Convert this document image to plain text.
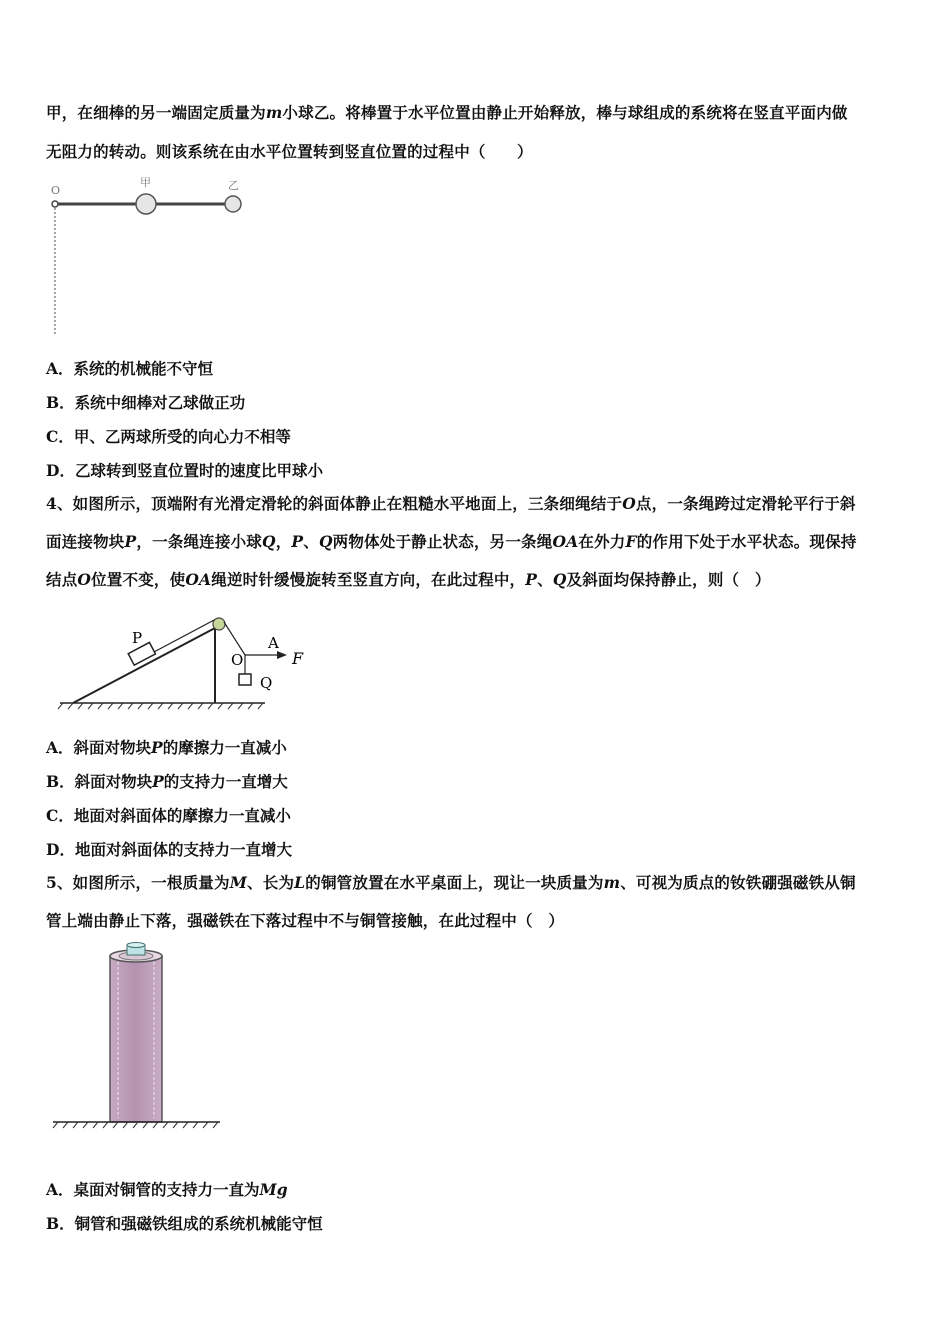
甲，在细棒的另一端固定质量为m小球乙。将棒置于水平位置由静止开始释放，棒与球组成的系统将在竖直平面内做
无阻力的转动。则该系统在由水平位置转到竖直位置的过程中（　　）
O
甲	乙
A．系统的机械能不守恒
B．系统中细棒对乙球做正功
C．甲、乙两球所受的向心力不相等
D．乙球转到竖直位置时的速度比甲球小
4、如图所示，顶端附有光滑定滑轮的斜面体静止在粗糙水平地面上，三条细绳结于O点，一条绳跨过定滑轮平行于斜
面连接物块P，一条绳连接小球Q，P、Q两物体处于静止状态，另一条绳OA在外力F的作用下处于水平状态。现保持
结点O位置不变，使OA绳逆时针缓慢旋转至竖直方向，在此过程中，P、Q及斜面均保持静止，则（　）
P
O
A
F
Q
A．斜面对物块P的摩擦力一直减小
B．斜面对物块P的支持力一直增大
C．地面对斜面体的摩擦力一直减小
D．地面对斜面体的支持力一直增大
5、如图所示，一根质量为M、长为L的铜管放置在水平桌面上，现让一块质量为m、可视为质点的钕铁硼强磁铁从铜
管上端由静止下落，强磁铁在下落过程中不与铜管接触，在此过程中（　）
A．桌面对铜管的支持力一直为Mg
B．铜管和强磁铁组成的系统机械能守恒
